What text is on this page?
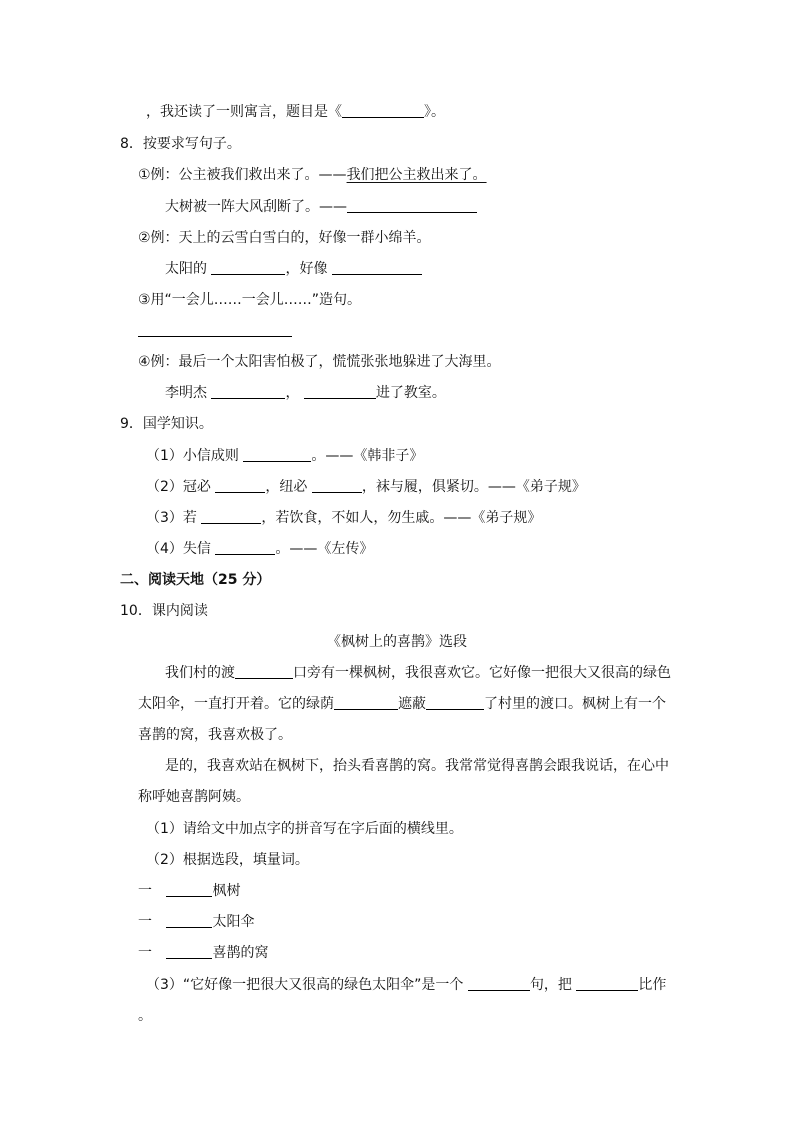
，我还读了一则寓言，题目是《	》。
8．按要求写句子。
①例：公主被我们救出来了。——我们把公主救出来了。
大树被一阵大风刮断了。——
②例：天上的云雪白雪白的，好像一群小绵羊。
太阳的	，好像
③用“一会儿……一会儿……”造句。
④例：最后一个太阳害怕极了，慌慌张张地躲进了大海里。
李明杰	，	进了教室。
9．国学知识。
（1）小信成则	。——《韩非子》
（2）冠必	，纽必	，袜与履，俱紧切。——《弟子规》
（3）若	，若饮食，不如人，勿生戚。——《弟子规》
（4）失信	。——《左传》
二、阅读天地（25 分）
10．课内阅读
《枫树上的喜鹊》选段
我们村的渡	口旁有一棵枫树，我很喜欢它。它好像一把很大又很高的绿色
太阳伞，一直打开着。它的绿荫	遮蔽	了村里的渡口。枫树上有一个
喜鹊的窝，我喜欢极了。
是的，我喜欢站在枫树下，抬头看喜鹊的窝。我常常觉得喜鹊会跟我说话，在心中
称呼她喜鹊阿姨。
（1）请给文中加点字的拼音写在字后面的横线里。
（2）根据选段，填量词。
一	枫树
一	太阳伞
一	喜鹊的窝
（3）“它好像一把很大又很高的绿色太阳伞”是一个	句，把	比作
。
